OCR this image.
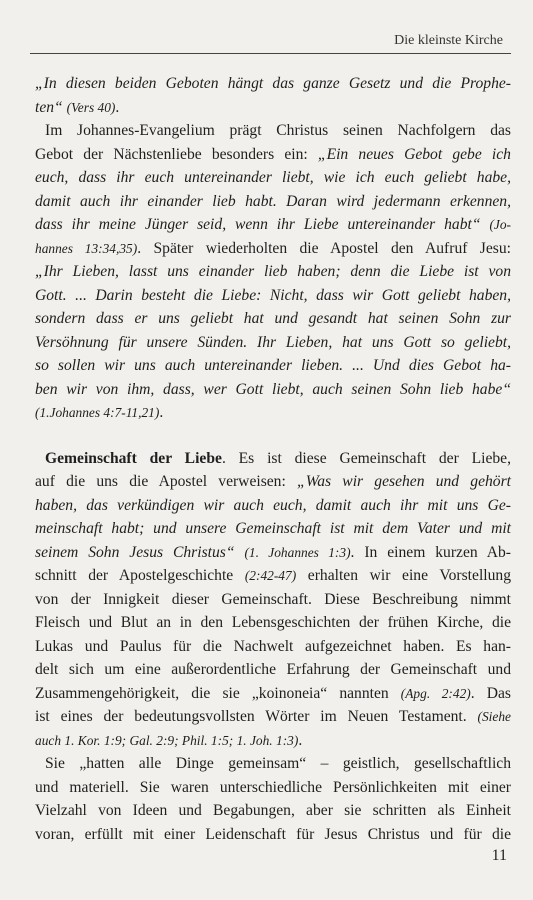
Die kleinste Kirche
„In diesen beiden Geboten hängt das ganze Gesetz und die Prophe-
ten“ (Vers 40).
Im Johannes-Evangelium prägt Christus seinen Nachfolgern das
Gebot der Nächstenliebe besonders ein: „Ein neues Gebot gebe ich
euch, dass ihr euch untereinander liebt, wie ich euch geliebt habe,
damit auch ihr einander lieb habt. Daran wird jedermann erkennen,
dass ihr meine Jünger seid, wenn ihr Liebe untereinander habt“ (Jo-
hannes 13:34,35). Später wiederholten die Apostel den Aufruf Jesu:
„Ihr Lieben, lasst uns einander lieb haben; denn die Liebe ist von
Gott. ... Darin besteht die Liebe: Nicht, dass wir Gott geliebt haben,
sondern dass er uns geliebt hat und gesandt hat seinen Sohn zur
Versöhnung für unsere Sünden. Ihr Lieben, hat uns Gott so geliebt,
so sollen wir uns auch untereinander lieben. ... Und dies Gebot ha-
ben wir von ihm, dass, wer Gott liebt, auch seinen Sohn lieb habe“
(1.Johannes 4:7-11,21).
Gemeinschaft der Liebe. Es ist diese Gemeinschaft der Liebe,
auf die uns die Apostel verweisen: „Was wir gesehen und gehört
haben, das verkündigen wir auch euch, damit auch ihr mit uns Ge-
meinschaft habt; und unsere Gemeinschaft ist mit dem Vater und mit
seinem Sohn Jesus Christus“ (1. Johannes 1:3). In einem kurzen Ab-
schnitt der Apostelgeschichte (2:42-47) erhalten wir eine Vorstellung
von der Innigkeit dieser Gemeinschaft. Diese Beschreibung nimmt
Fleisch und Blut an in den Lebensgeschichten der frühen Kirche, die
Lukas und Paulus für die Nachwelt aufgezeichnet haben. Es han-
delt sich um eine außerordentliche Erfahrung der Gemeinschaft und
Zusammengehörigkeit, die sie „koinoneia“ nannten (Apg. 2:42). Das
ist eines der bedeutungsvollsten Wörter im Neuen Testament. (Siehe
auch 1. Kor. 1:9; Gal. 2:9; Phil. 1:5; 1. Joh. 1:3).
Sie „hatten alle Dinge gemeinsam“ – geistlich, gesellschaftlich
und materiell. Sie waren unterschiedliche Persönlichkeiten mit einer
Vielzahl von Ideen und Begabungen, aber sie schritten als Einheit
voran, erfüllt mit einer Leidenschaft für Jesus Christus und für die
11
